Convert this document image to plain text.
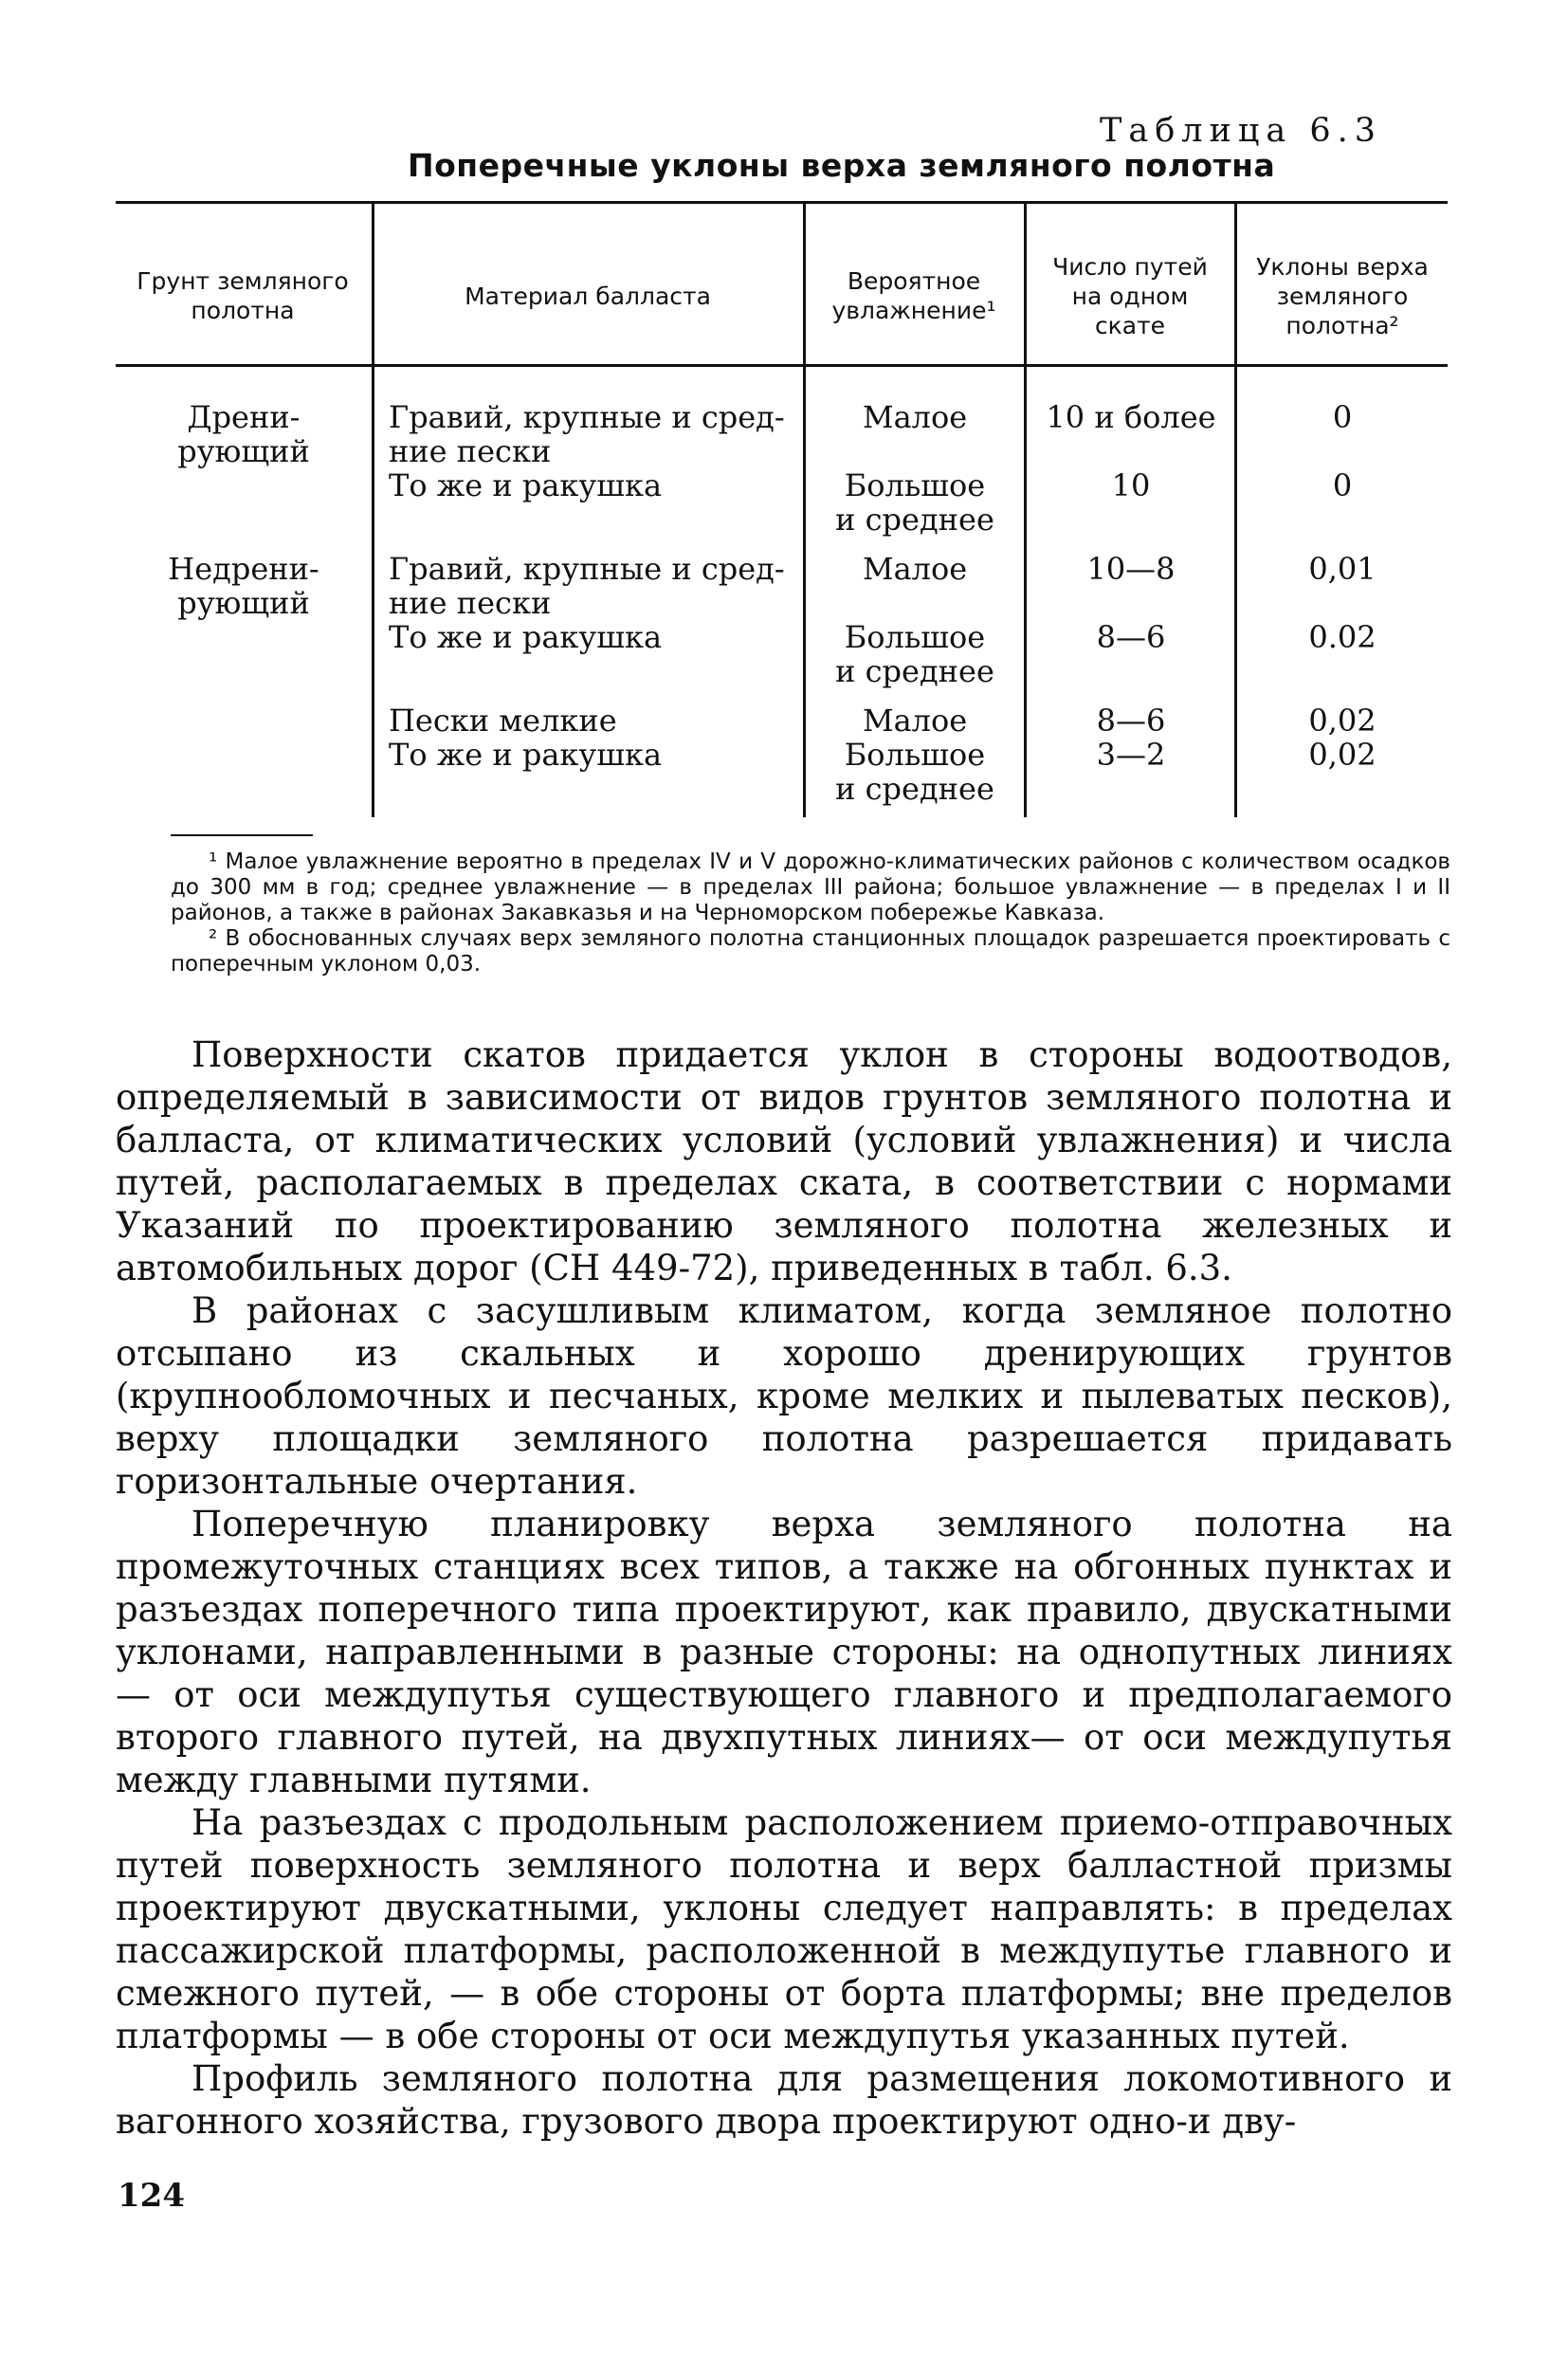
Таблица 6.3
Поперечные уклоны верха земляного полотна
Грунт земляного полотна
Материал балласта
Вероятное увлажнение¹
Число путей на одном скате
Уклоны верха земляного полотна²
Дрени-
рующий
Недрени-
рующий
Гравий, крупные и сред-
ние пески
То же и ракушка
Гравий, крупные и сред-
ние пески
То же и ракушка
Пески мелкие
То же и ракушка
Малое
Большое
и среднее
Малое
Большое
и среднее
Малое
Большое
и среднее
10 и более
10
10—8
8—6
8—6
3—2
0
0
0,01
0.02
0,02
0,02

¹ Малое увлажнение вероятно в пределах IV и V дорожно-климатических районов с количеством осадков до 300 мм в год; среднее увлажнение — в пределах III района; большое увлажнение — в пределах I и II районов, а также в районах Закавказья и на Черноморском побережье Кавказа.

² В обоснованных случаях верх земляного полотна станционных площадок разрешается проектировать с поперечным уклоном 0,03.

Поверхности скатов придается уклон в стороны водоотводов, определяемый в зависимости от видов грунтов земляного полотна и балласта, от климатических условий (условий увлажнения) и числа путей, располагаемых в пределах ската, в соответствии с нормами Указаний по проектированию земляного полотна железных и автомобильных дорог (СН 449-72), приведенных в табл. 6.3.

В районах с засушливым климатом, когда земляное полотно отсыпано из скальных и хорошо дренирующих грунтов (крупнообломочных и песчаных, кроме мелких и пылеватых песков), верху площадки земляного полотна разрешается придавать горизонтальные очертания.

Поперечную планировку верха земляного полотна на промежуточных станциях всех типов, а также на обгонных пунктах и разъездах поперечного типа проектируют, как правило, двускатными уклонами, направленными в разные стороны: на однопутных линиях — от оси междупутья существующего главного и предполагаемого второго главного путей, на двухпутных линиях— от оси междупутья между главными путями.

На разъездах с продольным расположением приемо-отправочных путей поверхность земляного полотна и верх балластной призмы проектируют двускатными, уклоны следует направлять: в пределах пассажирской платформы, расположенной в междупутье главного и смежного путей, — в обе стороны от борта платформы; вне пределов платформы — в обе стороны от оси междупутья указанных путей.

Профиль земляного полотна для размещения локомотивного и вагонного хозяйства, грузового двора проектируют одно-и дву-

124
